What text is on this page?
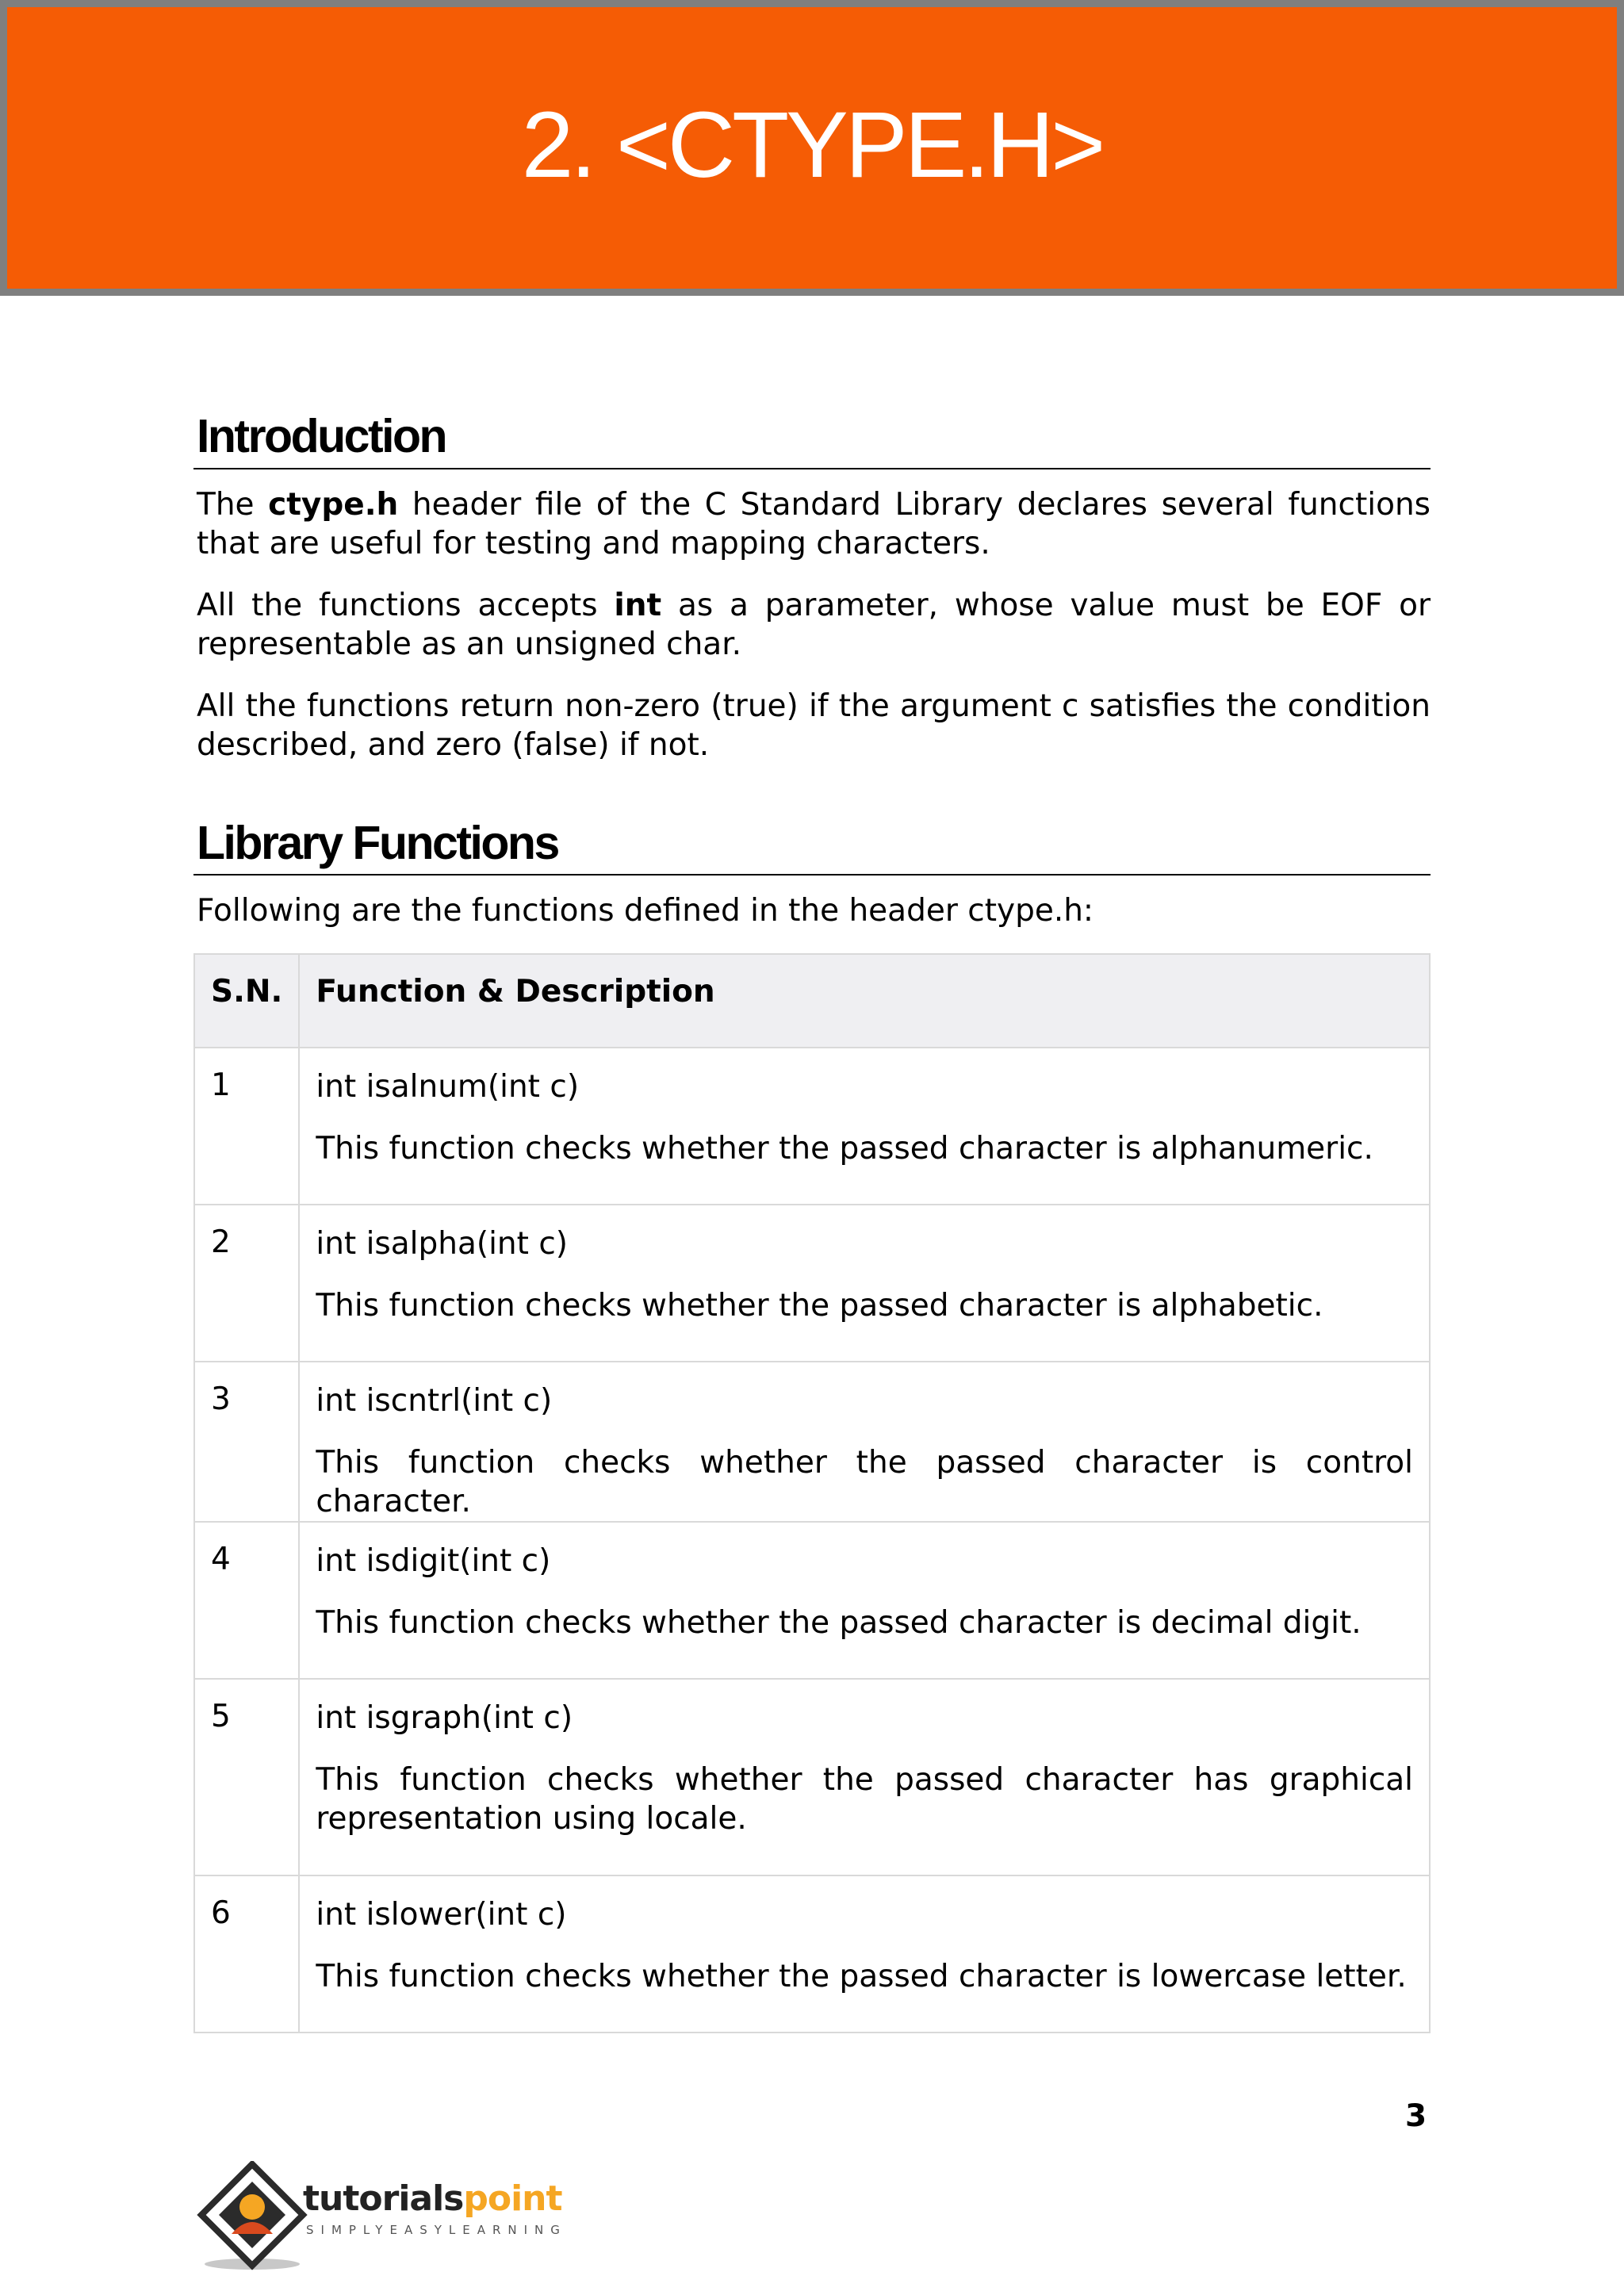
2. <CTYPE.H>
Introduction

The ctype.h header file of the C Standard Library declares several functions that are useful for testing and mapping characters.

All the functions accepts int as a parameter, whose value must be EOF or representable as an unsigned char.

All the functions return non-zero (true) if the argument c satisfies the condition described, and zero (false) if not.

Library Functions

Following are the functions defined in the header ctype.h:

S.N.	Function & Description
1	int isalnum(int c)
This function checks whether the passed character is alphanumeric.

2	int isalpha(int c)
This function checks whether the passed character is alphabetic.

3	int iscntrl(int c)
This function checks whether the passed character is control character.

4	int isdigit(int c)
This function checks whether the passed character is decimal digit.

5	int isgraph(int c)
This function checks whether the passed character has graphical representation using locale.

6	int islower(int c)
This function checks whether the passed character is lowercase letter.
3
tutorialspoint
SIMPLYEASYLEARNING
